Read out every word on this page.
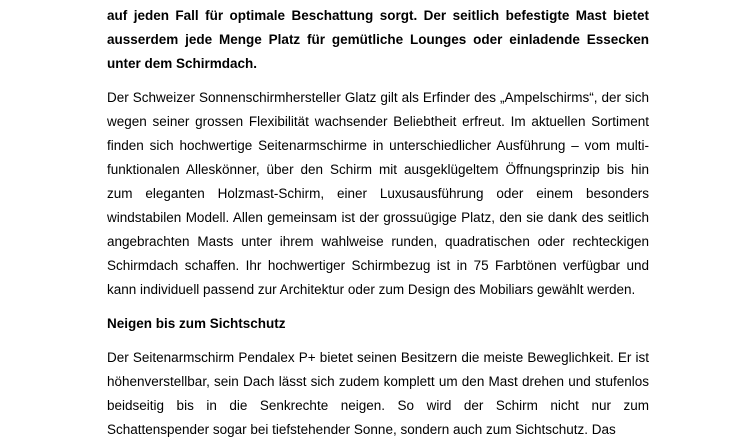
auf jeden Fall für optimale Beschattung sorgt. Der seitlich befestigte Mast bietet ausserdem jede Menge Platz für gemütliche Lounges oder einladende Essecken unter dem Schirmdach.

Der Schweizer Sonnenschirmhersteller Glatz gilt als Erfinder des „Ampelschirms“, der sich wegen seiner grossen Flexibilität wachsender Beliebtheit erfreut. Im aktuellen Sortiment finden sich hochwertige Seitenarmschirme in unterschiedlicher Ausführung – vom multi-funktionalen Alleskönner, über den Schirm mit ausgeklügeltem Öffnungsprinzip bis hin zum eleganten Holzmast-Schirm, einer Luxusausführung oder einem besonders windstabilen Modell. Allen gemeinsam ist der grossuügige Platz, den sie dank des seitlich angebrachten Masts unter ihrem wahlweise runden, quadratischen oder rechteckigen Schirmdach schaffen. Ihr hochwertiger Schirmbezug ist in 75 Farbtönen verfügbar und kann individuell passend zur Architektur oder zum Design des Mobiliars gewählt werden.

Neigen bis zum Sichtschutz

Der Seitenarmschirm Pendalex P+ bietet seinen Besitzern die meiste Beweglichkeit. Er ist höhenverstellbar, sein Dach lässt sich zudem komplett um den Mast drehen und stufenlos beidseitig bis in die Senkrechte neigen. So wird der Schirm nicht nur zum Schattenspender sogar bei tiefstehender Sonne, sondern auch zum Sichtschutz. Das
